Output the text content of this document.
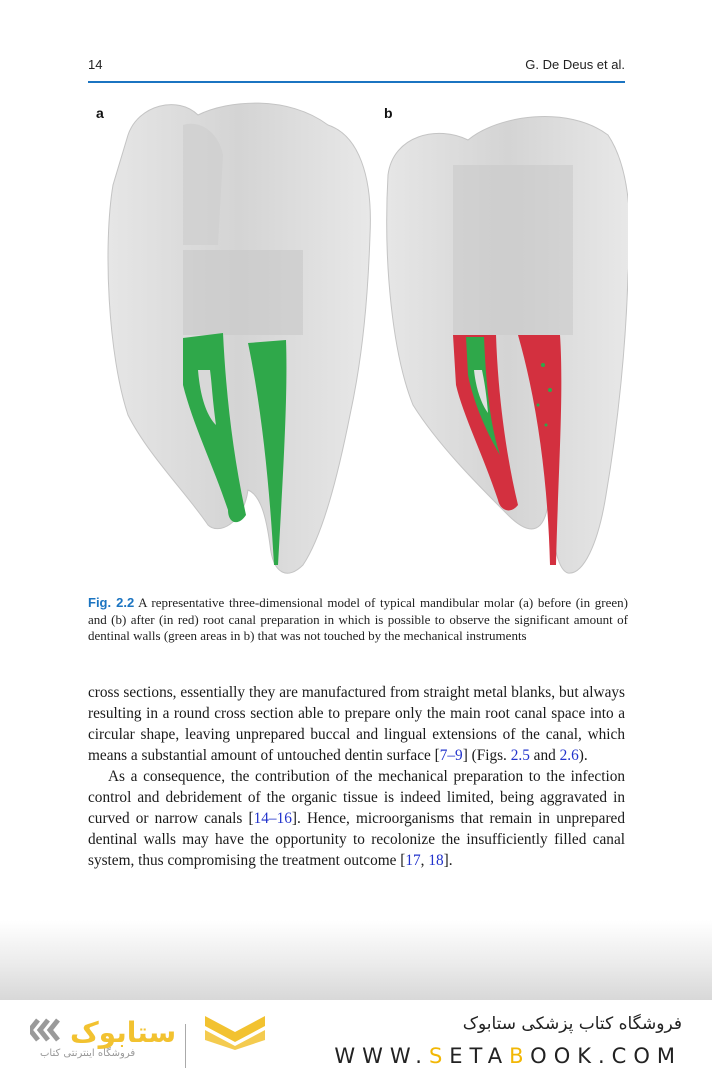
14	G. De Deus et al.
a	b
Fig. 2.2 A representative three-dimensional model of typical mandibular molar (a) before (in green) and (b) after (in red) root canal preparation in which is possible to observe the significant amount of dentinal walls (green areas in b) that was not touched by the mechanical instruments

cross sections, essentially they are manufactured from straight metal blanks, but always resulting in a round cross section able to prepare only the main root canal space into a circular shape, leaving unprepared buccal and lingual extensions of the canal, which means a substantial amount of untouched dentin surface [7–9] (Figs. 2.5 and 2.6).

As a consequence, the contribution of the mechanical preparation to the infection control and debridement of the organic tissue is indeed limited, being aggravated in curved or narrow canals [14–16]. Hence, microorganisms that remain in unprepared dentinal walls may have the opportunity to recolonize the insufficiently filled canal system, thus compromising the treatment outcome [17, 18].

ستابوک
فروشگاه اینترنتی کتاب
فروشگاه کتاب پزشکی ستابوک
WWW.SETABOOK.COM
